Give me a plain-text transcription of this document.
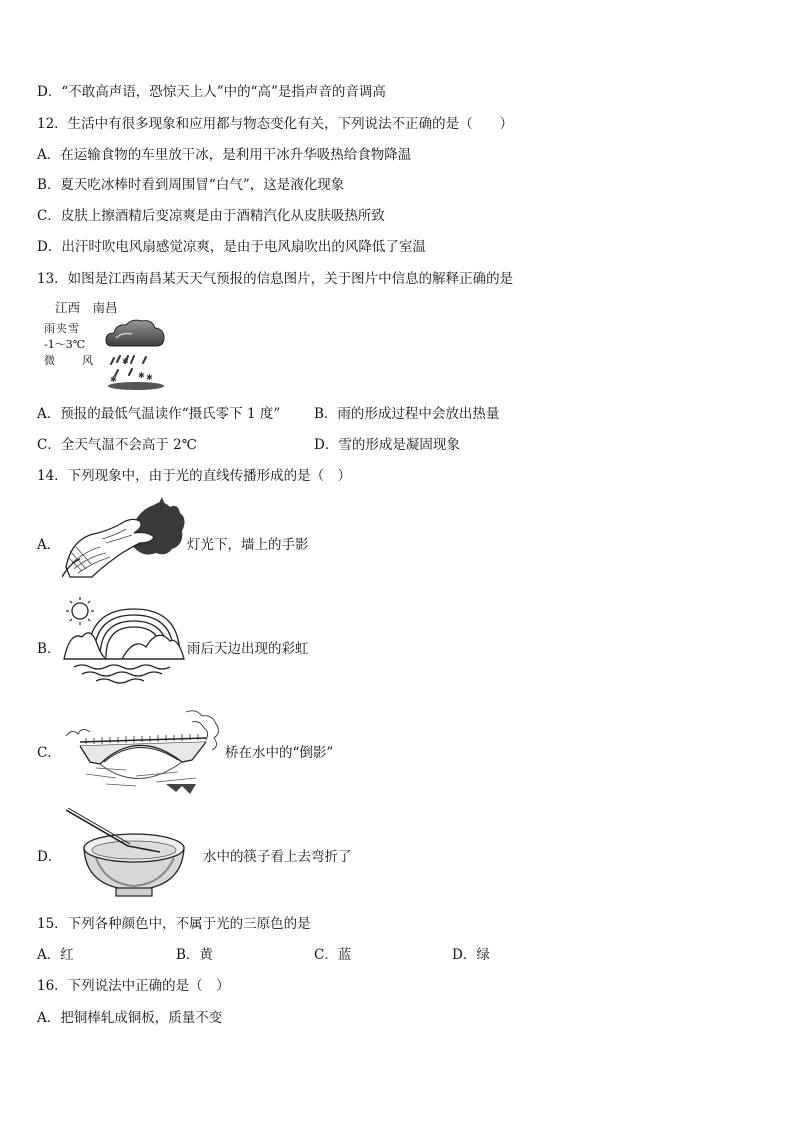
D．“不敢高声语，恐惊天上人”中的“高”是指声音的音调高
12．生活中有很多现象和应用都与物态变化有关，下列说法不正确的是（　　）
A．在运输食物的车里放干冰，是利用干冰升华吸热给食物降温
B．夏天吃冰棒时看到周围冒“白气”，这是液化现象
C．皮肤上擦酒精后变凉爽是由于酒精汽化从皮肤吸热所致
D．出汗时吹电风扇感觉凉爽，是由于电风扇吹出的风降低了室温
13．如图是江西南昌某天天气预报的信息图片，关于图片中信息的解释正确的是
江西　南昌
雨夹雪
-1～3℃
微 风	✱
✱ ✱
✱
A．预报的最低气温读作“摄氏零下 1 度”	B．雨的形成过程中会放出热量
C．全天气温不会高于 2℃	D．雪的形成是凝固现象
14．下列现象中，由于光的直线传播形成的是（　）
A．	灯光下，墙上的手影
B．	雨后天边出现的彩虹
C．	桥在水中的“倒影”
D．	水中的筷子看上去弯折了
15．下列各种颜色中，不属于光的三原色的是
A．红	B．黄	C．蓝	D．绿
16．下列说法中正确的是（　）
A．把铜棒轧成铜板，质量不变
